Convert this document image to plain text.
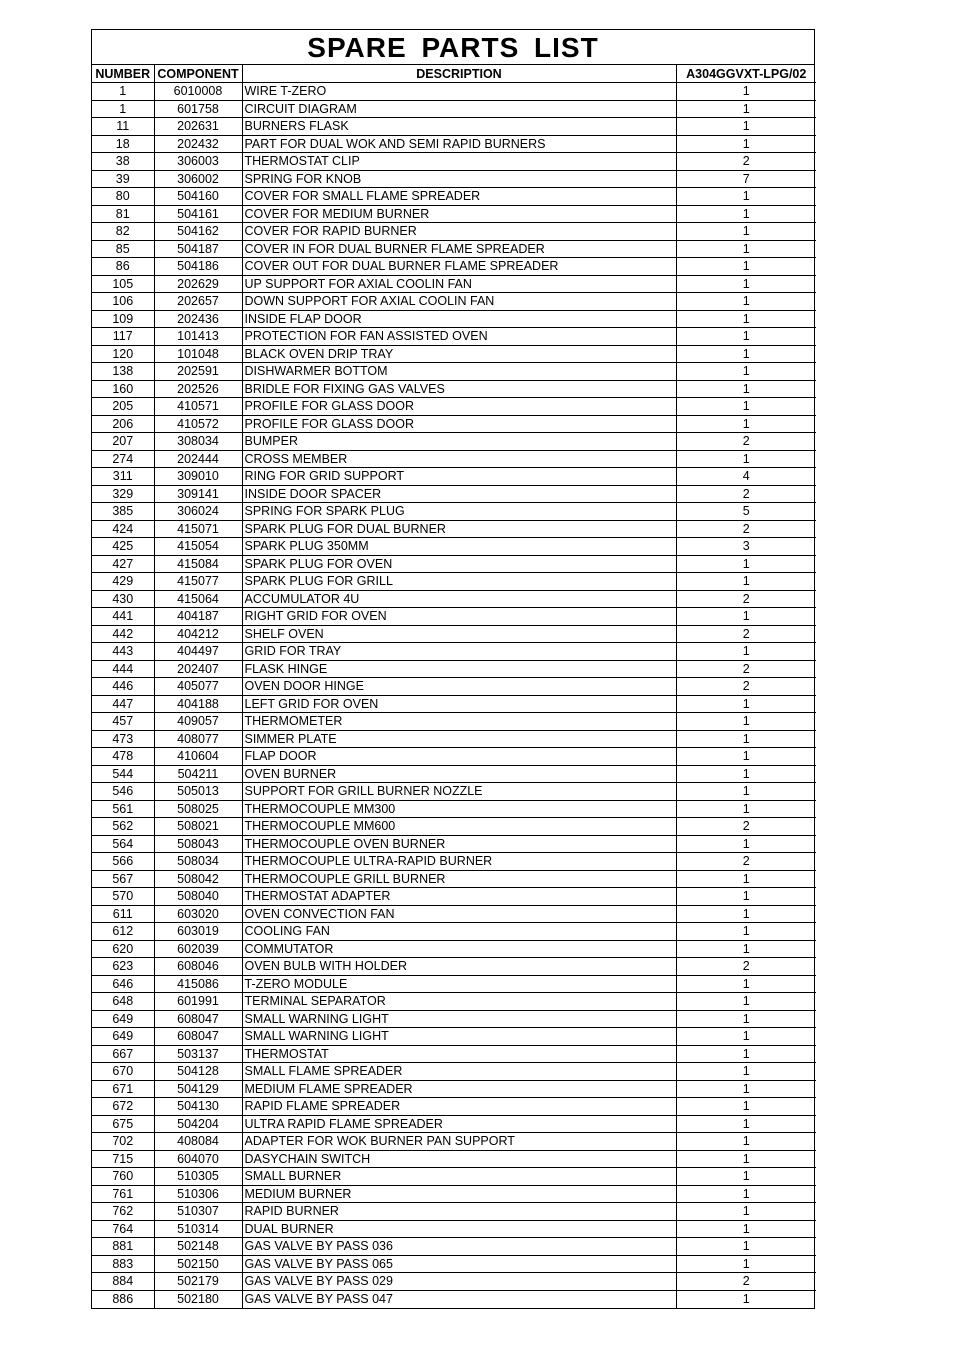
SPARE PARTS LIST
NUMBER	COMPONENT	DESCRIPTION	A304GGVXT-LPG/02
1	6010008	WIRE T-ZERO	1
1	601758	CIRCUIT DIAGRAM	1
11	202631	BURNERS FLASK	1
18	202432	PART FOR DUAL WOK AND SEMI RAPID BURNERS	1
38	306003	THERMOSTAT CLIP	2
39	306002	SPRING FOR KNOB	7
80	504160	COVER FOR SMALL FLAME SPREADER	1
81	504161	COVER FOR MEDIUM BURNER	1
82	504162	COVER FOR RAPID BURNER	1
85	504187	COVER IN FOR DUAL BURNER FLAME SPREADER	1
86	504186	COVER OUT FOR DUAL BURNER FLAME SPREADER	1
105	202629	UP SUPPORT FOR AXIAL COOLIN FAN	1
106	202657	DOWN SUPPORT FOR AXIAL COOLIN FAN	1
109	202436	INSIDE FLAP DOOR	1
117	101413	PROTECTION FOR FAN ASSISTED OVEN	1
120	101048	BLACK OVEN DRIP TRAY	1
138	202591	DISHWARMER BOTTOM	1
160	202526	BRIDLE FOR FIXING GAS VALVES	1
205	410571	PROFILE FOR GLASS DOOR	1
206	410572	PROFILE FOR GLASS DOOR	1
207	308034	BUMPER	2
274	202444	CROSS MEMBER	1
311	309010	RING FOR GRID SUPPORT	4
329	309141	INSIDE DOOR SPACER	2
385	306024	SPRING FOR SPARK PLUG	5
424	415071	SPARK PLUG FOR DUAL BURNER	2
425	415054	SPARK PLUG 350MM	3
427	415084	SPARK PLUG FOR OVEN	1
429	415077	SPARK PLUG FOR GRILL	1
430	415064	ACCUMULATOR 4U	2
441	404187	RIGHT GRID FOR OVEN	1
442	404212	SHELF OVEN	2
443	404497	GRID FOR TRAY	1
444	202407	FLASK HINGE	2
446	405077	OVEN DOOR HINGE	2
447	404188	LEFT GRID FOR OVEN	1
457	409057	THERMOMETER	1
473	408077	SIMMER PLATE	1
478	410604	FLAP DOOR	1
544	504211	OVEN BURNER	1
546	505013	SUPPORT FOR GRILL BURNER NOZZLE	1
561	508025	THERMOCOUPLE MM300	1
562	508021	THERMOCOUPLE MM600	2
564	508043	THERMOCOUPLE OVEN BURNER	1
566	508034	THERMOCOUPLE ULTRA-RAPID BURNER	2
567	508042	THERMOCOUPLE GRILL BURNER	1
570	508040	THERMOSTAT ADAPTER	1
611	603020	OVEN CONVECTION FAN	1
612	603019	COOLING FAN	1
620	602039	COMMUTATOR	1
623	608046	OVEN BULB WITH HOLDER	2
646	415086	T-ZERO MODULE	1
648	601991	TERMINAL SEPARATOR	1
649	608047	SMALL WARNING LIGHT	1
649	608047	SMALL WARNING LIGHT	1
667	503137	THERMOSTAT	1
670	504128	SMALL FLAME SPREADER	1
671	504129	MEDIUM FLAME SPREADER	1
672	504130	RAPID FLAME SPREADER	1
675	504204	ULTRA RAPID FLAME SPREADER	1
702	408084	ADAPTER FOR WOK BURNER PAN SUPPORT	1
715	604070	DASYCHAIN SWITCH	1
760	510305	SMALL BURNER	1
761	510306	MEDIUM BURNER	1
762	510307	RAPID BURNER	1
764	510314	DUAL BURNER	1
881	502148	GAS VALVE BY PASS 036	1
883	502150	GAS VALVE BY PASS 065	1
884	502179	GAS VALVE BY PASS 029	2
886	502180	GAS VALVE BY PASS 047	1
